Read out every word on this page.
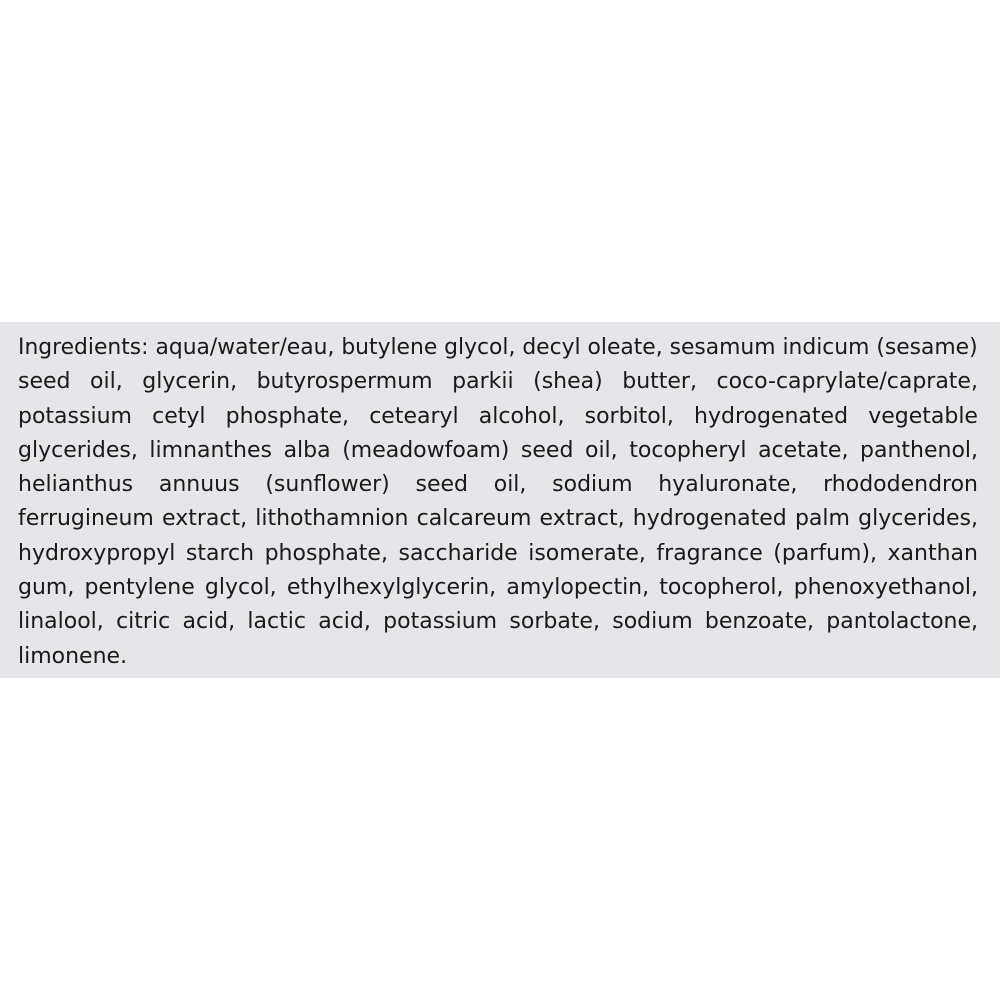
Ingredients: aqua/water/eau, butylene glycol, decyl oleate, sesamum indicum (sesame)
seed oil, glycerin, butyrospermum parkii (shea) butter, coco-caprylate/caprate,
potassium cetyl phosphate, cetearyl alcohol, sorbitol, hydrogenated vegetable
glycerides, limnanthes alba (meadowfoam) seed oil, tocopheryl acetate, panthenol,
helianthus annuus (sunflower) seed oil, sodium hyaluronate, rhododendron
ferrugineum extract, lithothamnion calcareum extract, hydrogenated palm glycerides,
hydroxypropyl starch phosphate, saccharide isomerate, fragrance (parfum), xanthan
gum, pentylene glycol, ethylhexylglycerin, amylopectin, tocopherol, phenoxyethanol,
linalool, citric acid, lactic acid, potassium sorbate, sodium benzoate, pantolactone,
limonene.
